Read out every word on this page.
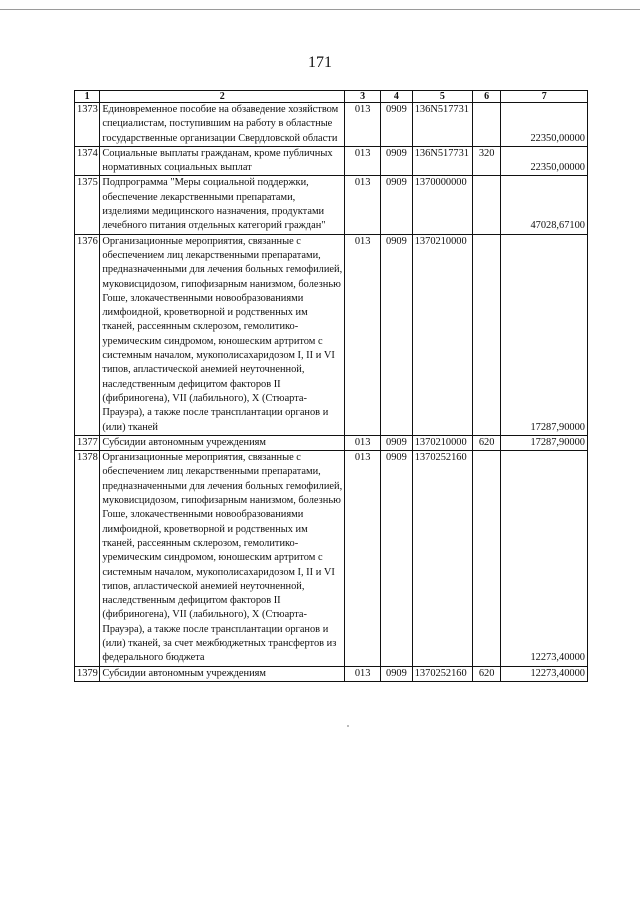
171
1	2	3	4	5	6	7
1373	Единовременное пособие на обзаведение хозяйством специалистам, поступившим на работу в областные государственные организации Свердловской области	013	0909	136N517731		22350,00000
1374	Социальные выплаты гражданам, кроме публичных нормативных социальных выплат	013	0909	136N517731	320	22350,00000
1375	Подпрограмма "Меры социальной поддержки, обеспечение лекарственными препаратами, изделиями медицинского назначения, продуктами лечебного питания отдельных категорий граждан"	013	0909	1370000000		47028,67100
1376	Организационные мероприятия, связанные с обеспечением лиц лекарственными препаратами, предназначенными для лечения больных гемофилией, муковисцидозом, гипофизарным нанизмом, болезнью Гоше, злокачественными новообразованиями лимфоидной, кроветворной и родственных им тканей, рассеянным склерозом, гемолитико-уремическим синдромом, юношеским артритом с системным началом, мукополисахаридозом I, II и VI типов, апластической анемией неуточненной, наследственным дефицитом факторов II (фибриногена), VII (лабильного), X (Стюарта-Прауэра), а также после трансплантации органов и (или) тканей	013	0909	1370210000		17287,90000
1377	Субсидии автономным учреждениям	013	0909	1370210000	620	17287,90000
1378	Организационные мероприятия, связанные с обеспечением лиц лекарственными препаратами, предназначенными для лечения больных гемофилией, муковисцидозом, гипофизарным нанизмом, болезнью Гоше, злокачественными новообразованиями лимфоидной, кроветворной и родственных им тканей, рассеянным склерозом, гемолитико-уремическим синдромом, юношеским артритом с системным началом, мукополисахаридозом I, II и VI типов, апластической анемией неуточненной, наследственным дефицитом факторов II (фибриногена), VII (лабильного), X (Стюарта-Прауэра), а также после трансплантации органов и (или) тканей, за счет межбюджетных трансфертов из федерального бюджета	013	0909	1370252160		12273,40000
1379	Субсидии автономным учреждениям	013	0909	1370252160	620	12273,40000
